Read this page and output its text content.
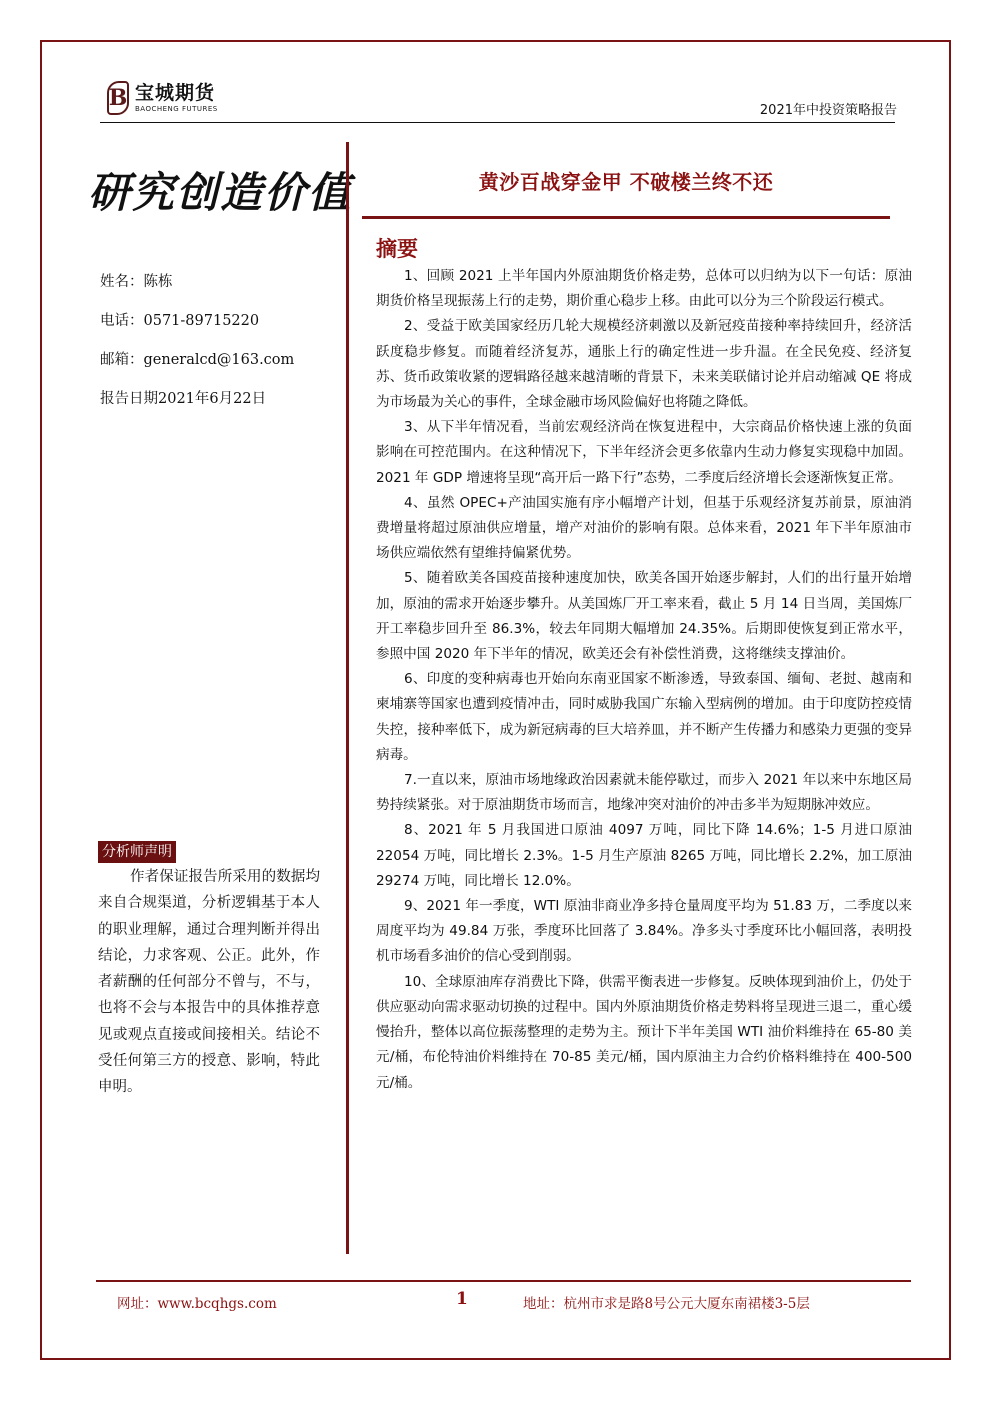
B 宝城期货
BAOCHENG FUTURES	2021年中投资策略报告
研究创造价值
姓名：陈栋
电话：0571-89715220
邮箱：generalcd@163.com
报告日期2021年6月22日
分析师声明
作者保证报告所采用的数据均来自合规渠道，分析逻辑基于本人的职业理解，通过合理判断并得出结论，力求客观、公正。此外，作者薪酬的任何部分不曾与，不与，也将不会与本报告中的具体推荐意见或观点直接或间接相关。结论不受任何第三方的授意、影响，特此申明。
黄沙百战穿金甲 不破楼兰终不还
摘要

1、回顾 2021 上半年国内外原油期货价格走势，总体可以归纳为以下一句话：原油期货价格呈现振荡上行的走势，期价重心稳步上移。由此可以分为三个阶段运行模式。

2、受益于欧美国家经历几轮大规模经济刺激以及新冠疫苗接种率持续回升，经济活跃度稳步修复。而随着经济复苏，通胀上行的确定性进一步升温。在全民免疫、经济复苏、货币政策收紧的逻辑路径越来越清晰的背景下，未来美联储讨论并启动缩减 QE 将成为市场最为关心的事件，全球金融市场风险偏好也将随之降低。

3、从下半年情况看，当前宏观经济尚在恢复进程中，大宗商品价格快速上涨的负面影响在可控范围内。在这种情况下，下半年经济会更多依靠内生动力修复实现稳中加固。2021 年 GDP 增速将呈现“高开后一路下行”态势，二季度后经济增长会逐渐恢复正常。

4、虽然 OPEC+产油国实施有序小幅增产计划，但基于乐观经济复苏前景，原油消费增量将超过原油供应增量，增产对油价的影响有限。总体来看，2021 年下半年原油市场供应端依然有望维持偏紧优势。

5、随着欧美各国疫苗接种速度加快，欧美各国开始逐步解封，人们的出行量开始增加，原油的需求开始逐步攀升。从美国炼厂开工率来看，截止 5 月 14 日当周，美国炼厂开工率稳步回升至 86.3%，较去年同期大幅增加 24.35%。后期即使恢复到正常水平，参照中国 2020 年下半年的情况，欧美还会有补偿性消费，这将继续支撑油价。

6、印度的变种病毒也开始向东南亚国家不断渗透，导致泰国、缅甸、老挝、越南和柬埔寨等国家也遭到疫情冲击，同时威胁我国广东输入型病例的增加。由于印度防控疫情失控，接种率低下，成为新冠病毒的巨大培养皿，并不断产生传播力和感染力更强的变异病毒。

7.一直以来，原油市场地缘政治因素就未能停歇过，而步入 2021 年以来中东地区局势持续紧张。对于原油期货市场而言，地缘冲突对油价的冲击多半为短期脉冲效应。

8、2021 年 5 月我国进口原油 4097 万吨，同比下降 14.6%；1-5 月进口原油 22054 万吨，同比增长 2.3%。1-5 月生产原油 8265 万吨，同比增长 2.2%，加工原油 29274 万吨，同比增长 12.0%。

9、2021 年一季度，WTI 原油非商业净多持仓量周度平均为 51.83 万，二季度以来周度平均为 49.84 万张，季度环比回落了 3.84%。净多头寸季度环比小幅回落，表明投机市场看多油价的信心受到削弱。

10、全球原油库存消费比下降，供需平衡表进一步修复。反映体现到油价上，仍处于供应驱动向需求驱动切换的过程中。国内外原油期货价格走势料将呈现进三退二，重心缓慢抬升，整体以高位振荡整理的走势为主。预计下半年美国 WTI 油价料维持在 65-80 美元/桶，布伦特油价料维持在 70-85 美元/桶，国内原油主力合约价格料维持在 400-500 元/桶。

网址：www.bcqhgs.com	1	地址：杭州市求是路8号公元大厦东南裙楼3-5层
